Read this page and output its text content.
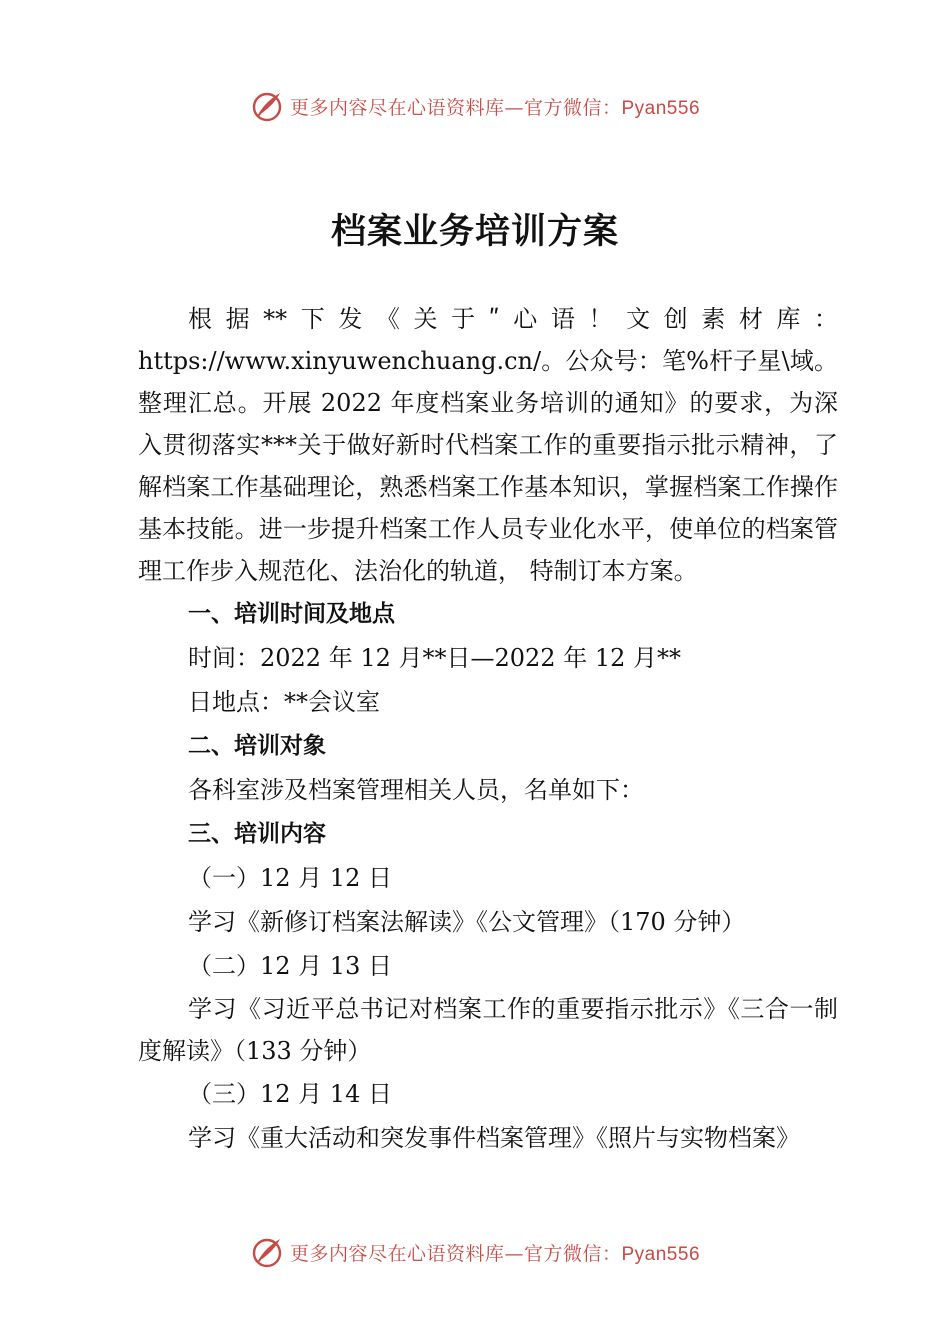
更多内容尽在心语资料库—官方微信：Pyan556
档案业务培训方案

根据**下发《关于ʺ心语！文创素材库：https://www.xinyuwenchuang.cn/。公众号：笔%杆子星\域。整理汇总。开展 2022 年度档案业务培训的通知》的要求，为深入贯彻落实***关于做好新时代档案工作的重要指示批示精神，了解档案工作基础理论，熟悉档案工作基本知识，掌握档案工作操作基本技能。进一步提升档案工作人员专业化水平，使单位的档案管理工作步入规范化、法治化的轨道， 特制订本方案。

一、培训时间及地点

时间：2022 年 12 月**日—2022 年 12 月**

日地点：**会议室

二、培训对象

各科室涉及档案管理相关人员，名单如下：

三、培训内容

（一）12 月 12 日

学习《新修订档案法解读》《公文管理》（170 分钟）

（二）12 月 13 日

学习《习近平总书记对档案工作的重要指示批示》《三合一制度解读》（133 分钟）

（三）12 月 14 日

学习《重大活动和突发事件档案管理》《照片与实物档案》

更多内容尽在心语资料库—官方微信：Pyan556
